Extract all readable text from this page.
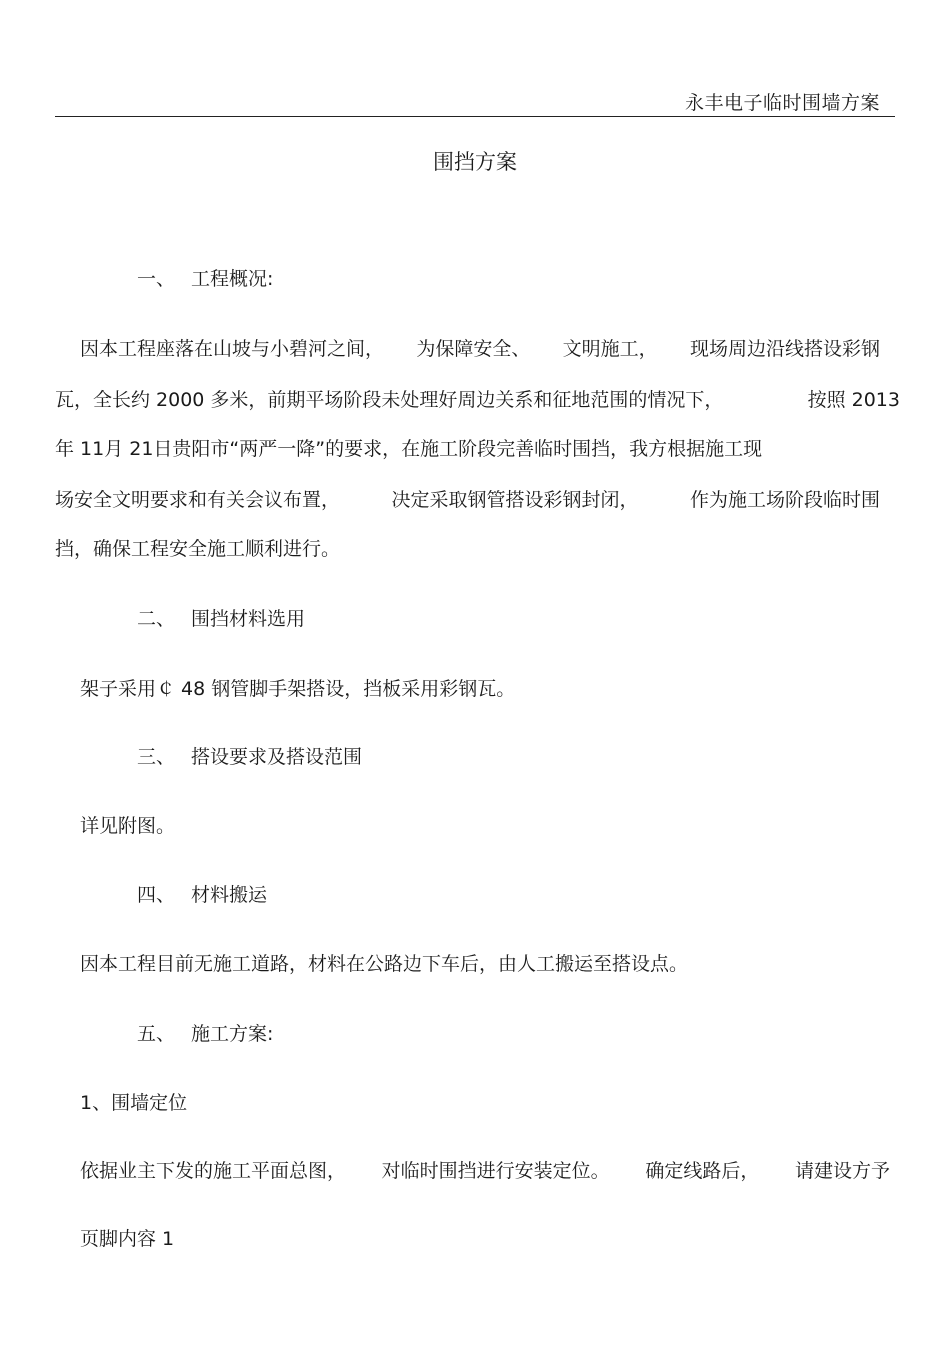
永丰电子临时围墙方案
围挡方案
一、 工程概况:
因本工程座落在山坡与小碧河之间， 为保障安全、 文明施工， 现场周边沿线搭设彩钢
瓦，全长约 2000 多米，前期平场阶段未处理好周边关系和征地范围的情况下，	按照 2013
年 11月 21日贵阳市“两严一降”的要求，在施工阶段完善临时围挡，我方根据施工现
场安全文明要求和有关会议布置，	决定采取钢管搭设彩钢封闭，	作为施工场阶段临时围
挡，确保工程安全施工顺利进行。
二、 围挡材料选用
架子采用￠ 48 钢管脚手架搭设，挡板采用彩钢瓦。
三、 搭设要求及搭设范围
详见附图。
四、 材料搬运
因本工程目前无施工道路，材料在公路边下车后，由人工搬运至搭设点。
五、 施工方案:
1、围墙定位
依据业主下发的施工平面总图， 对临时围挡进行安装定位。 确定线路后， 请建设方予
页脚内容 1
